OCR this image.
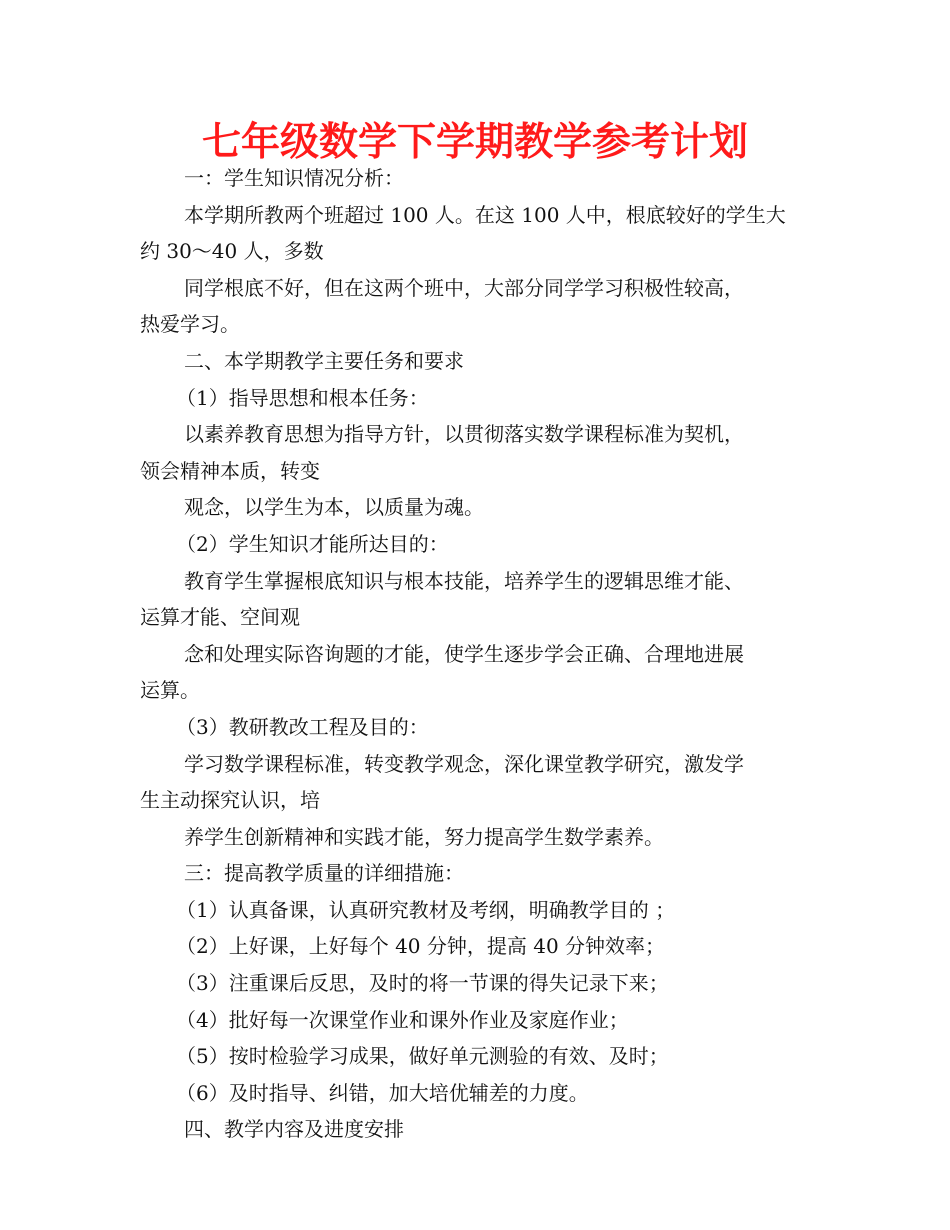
七年级数学下学期教学参考计划

一：学生知识情况分析：

本学期所教两个班超过 100 人。在这 100 人中，根底较好的学生大

约 30～40 人，多数

同学根底不好，但在这两个班中，大部分同学学习积极性较高，

热爱学习。

二、本学期教学主要任务和要求

（1）指导思想和根本任务：

以素养教育思想为指导方针，以贯彻落实数学课程标准为契机，

领会精神本质，转变

观念，以学生为本，以质量为魂。

（2）学生知识才能所达目的：

教育学生掌握根底知识与根本技能，培养学生的逻辑思维才能、

运算才能、空间观

念和处理实际咨询题的才能，使学生逐步学会正确、合理地进展

运算。

（3）教研教改工程及目的：

学习数学课程标准，转变教学观念，深化课堂教学研究，激发学

生主动探究认识，培

养学生创新精神和实践才能，努力提高学生数学素养。

三：提高教学质量的详细措施：

（1）认真备课，认真研究教材及考纲，明确教学目的 ；

（2）上好课，上好每个 40 分钟，提高 40 分钟效率；

（3）注重课后反思，及时的将一节课的得失记录下来；

（4）批好每一次课堂作业和课外作业及家庭作业；

（5）按时检验学习成果，做好单元测验的有效、及时；

（6）及时指导、纠错，加大培优辅差的力度。

四、教学内容及进度安排
